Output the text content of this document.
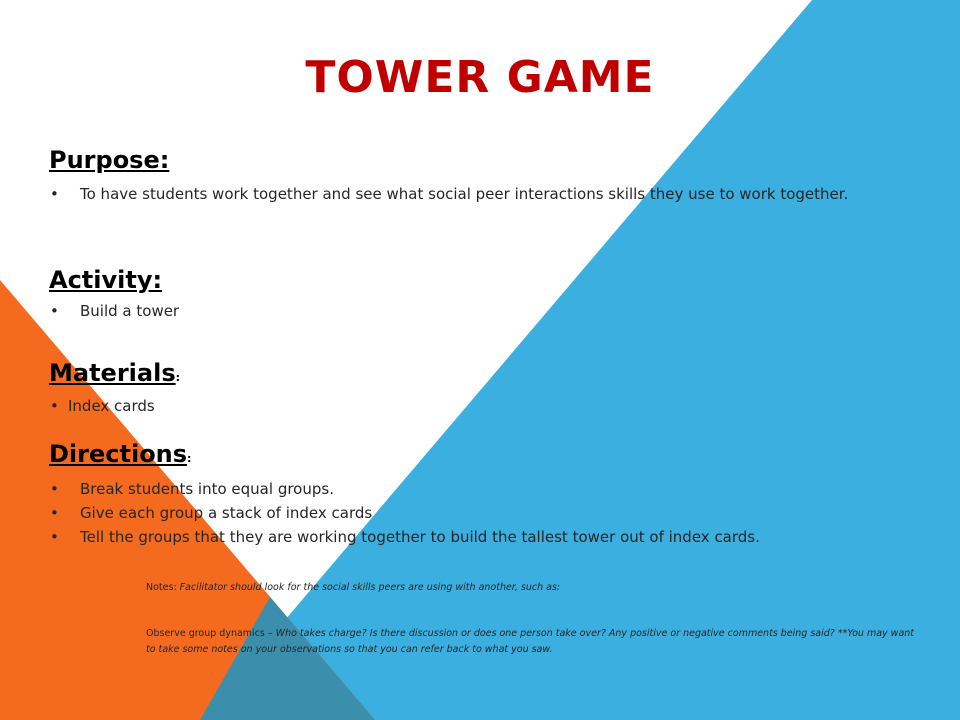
TOWER GAME
Purpose:
• To have students work together and see what social peer interactions skills they use to work together.
Activity:
• Build a tower
Materials:
• Index cards
Directions:
• Break students into equal groups.
• Give each group a stack of index cards
• Tell the groups that they are working together to build the tallest tower out of index cards.

Notes: Facilitator should look for the social skills peers are using with another, such as:

Observe group dynamics – Who takes charge? Is there discussion or does one person take over? Any positive or negative comments being said? **You may want to take some notes on your observations so that you can refer back to what you saw.
